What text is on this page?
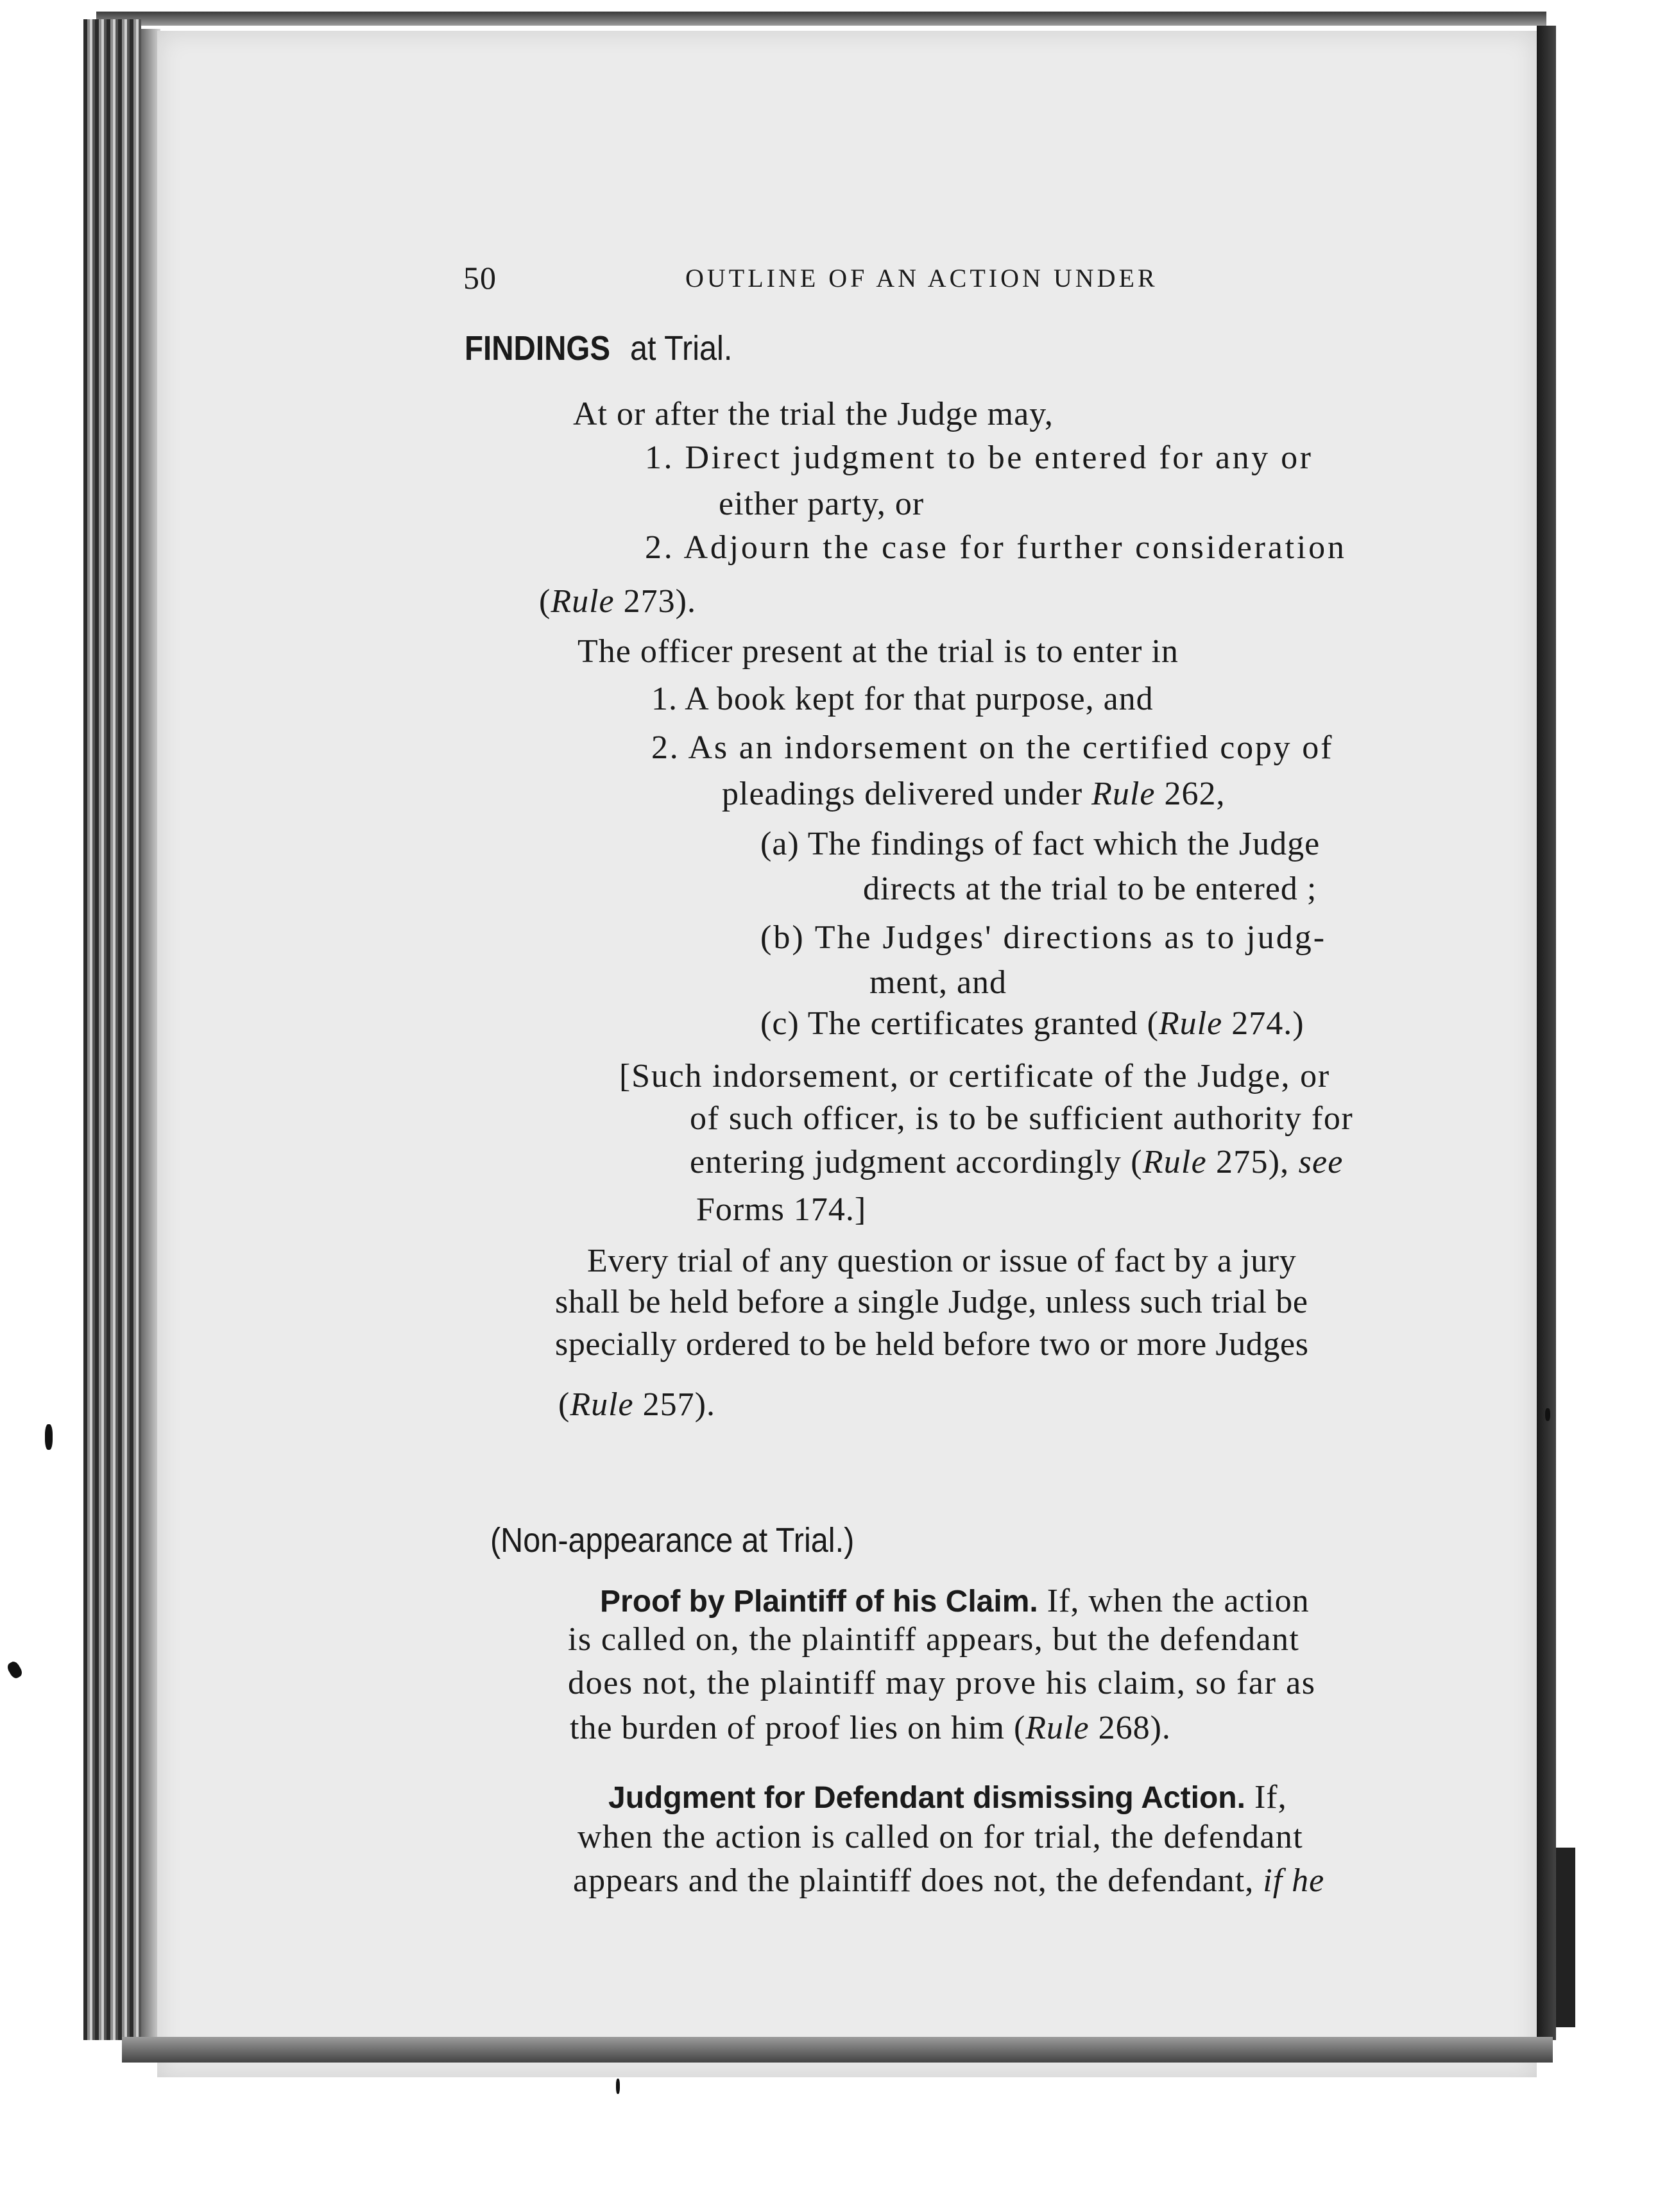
50	OUTLINE OF AN ACTION UNDER
FINDINGSat Trial.
At or after the trial the Judge may,
1. Direct judgment to be entered for any or
either party, or
2. Adjourn the case for further consideration
(Rule 273).
The officer present at the trial is to enter in
1. A book kept for that purpose, and
2. As an indorsement on the certified copy of
pleadings delivered under Rule 262,
(a) The findings of fact which the Judge
directs at the trial to be entered ;
(b) The Judges' directions as to judg-
ment, and
(c) The certificates granted (Rule 274.)
[Such indorsement, or certificate of the Judge, or
of such officer, is to be sufficient authority for
entering judgment accordingly (Rule 275), see
Forms 174.]
Every trial of any question or issue of fact by a jury
shall be held before a single Judge, unless such trial be
specially ordered to be held before two or more Judges
(Rule 257).
(Non-appearance at Trial.)
Proof by Plaintiff of his Claim. If, when the action
is called on, the plaintiff appears, but the defendant
does not, the plaintiff may prove his claim, so far as
the burden of proof lies on him (Rule 268).
Judgment for Defendant dismissing Action. If,
when the action is called on for trial, the defendant
appears and the plaintiff does not, the defendant, if he
